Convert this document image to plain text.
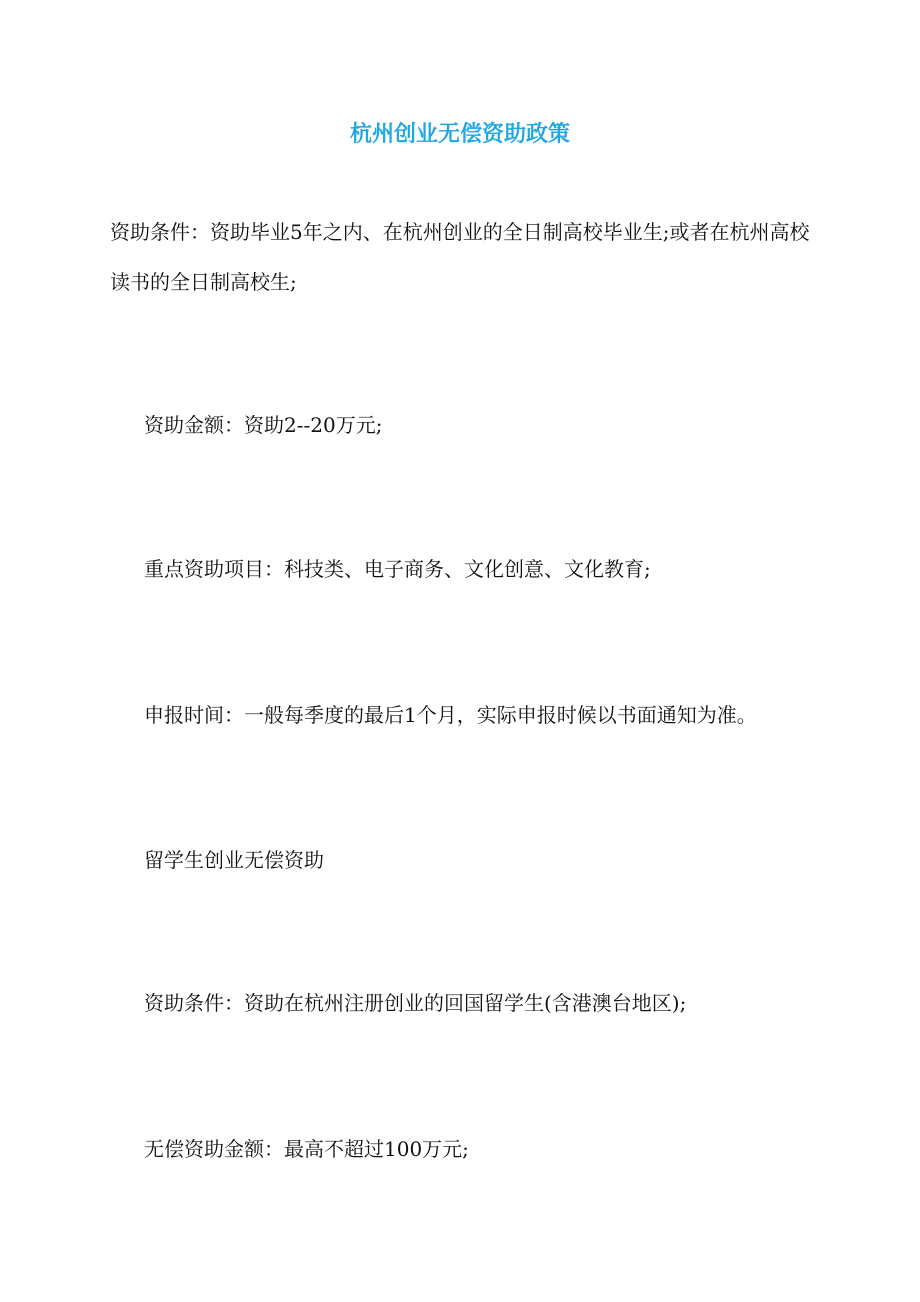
杭州创业无偿资助政策

资助条件：资助毕业5年之内、在杭州创业的全日制高校毕业生;或者在杭州高校读书的全日制高校生;

资助金额：资助2--20万元;

重点资助项目：科技类、电子商务、文化创意、文化教育;

申报时间：一般每季度的最后1个月，实际申报时候以书面通知为准。

留学生创业无偿资助

资助条件：资助在杭州注册创业的回国留学生(含港澳台地区);

无偿资助金额：最高不超过100万元;
